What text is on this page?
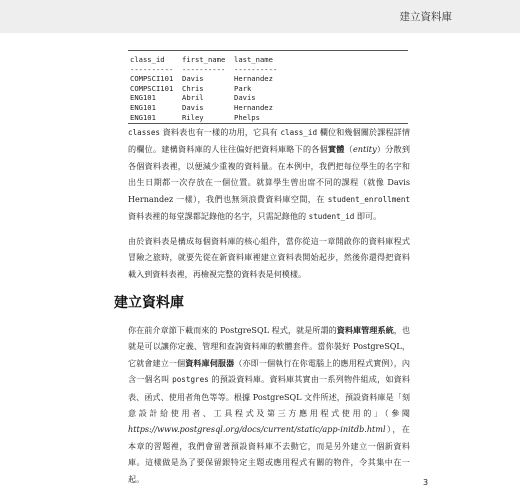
建立資料庫
class_id first_name last_name
---------- ---------- ----------
COMPSCI101 Davis	Hernandez
COMPSCI101 Chris	Park
ENG101	Abril	Davis
ENG101	Davis	Hernandez
ENG101	Riley	Phelps

classes 資料表也有一樣的功用，它具有 class_id 欄位和幾個關於課程詳情的欄位。建構資料庫的人往往偏好把資料庫略下的各個實體（entity）分散到各個資料表裡，以便減少重複的資料量。在本例中，我們把每位學生的名字和出生日期都一次存放在一個位置。就算學生曾出席不同的課程（就像 Davis Hernandez 一樣），我們也無須浪費資料庫空間，在 student_enrollment 資料表裡的每堂課都記錄他的名字，只需記錄他的 student_id 即可。

由於資料表是構成每個資料庫的核心組件，當你從這一章開啟你的資料庫程式冒險之旅時，就要先從在新資料庫裡建立資料表開始起步，然後你還得把資料載入到資料表裡，再檢視完整的資料表是何模樣。

建立資料庫

你在前介章節下載而來的 PostgreSQL 程式，就是所謂的資料庫管理系統，也就是可以讓你定義、管理和查詢資料庫的軟體套件。當你裝好 PostgreSQL，它就會建立一個資料庫伺服器（亦即一個執行在你電腦上的應用程式實例），內含一個名叫 postgres 的預設資料庫。資料庫其實由一系列物件組成，如資料表、函式、使用者角色等等。根據 PostgreSQL 文件所述，預設資料庫是「刻意設計給使用者、工具程式及第三方應用程式使用的」（參閱 https://www.postgresql.org/docs/current/static/app-initdb.html），在本章的習題裡，我們會留著預設資料庫不去動它，而是另外建立一個新資料庫。這樣做是為了要保留銀特定主題或應用程式有關的物件，令其集中在一起。	3
